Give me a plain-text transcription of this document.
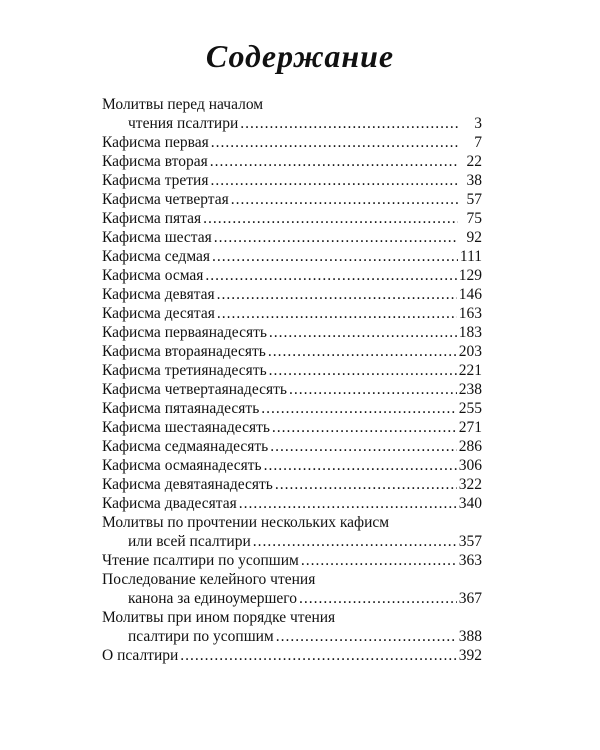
Содержание
Молитвы перед началом
чтения псалтири .....	3
Кафисма первая .....	7
Кафисма вторая .....	22
Кафисма третия .....	38
Кафисма четвертая .....	57
Кафисма пятая .....	75
Кафисма шестая .....	92
Кафисма седмая .....	111
Кафисма осмая .....	129
Кафисма девятая .....	146
Кафисма десятая .....	163
Кафисма перваянадесять .....	183
Кафисма втораянадесять .....	203
Кафисма третиянадесять .....	221
Кафисма четвертаянадесять .....	238
Кафисма пятаянадесять .....	255
Кафисма шестаянадесять .....	271
Кафисма седмаянадесять .....	286
Кафисма осмаянадесять .....	306
Кафисма девятаянадесять .....	322
Кафисма двадесятая .....	340
Молитвы по прочтении нескольких кафисм
или всей псалтири .....	357
Чтение псалтири по усопшим .....	363
Последование келейного чтения
канона за единоумершего .....	367
Молитвы при ином порядке чтения
псалтири по усопшим .....	388
О псалтири .....	392
